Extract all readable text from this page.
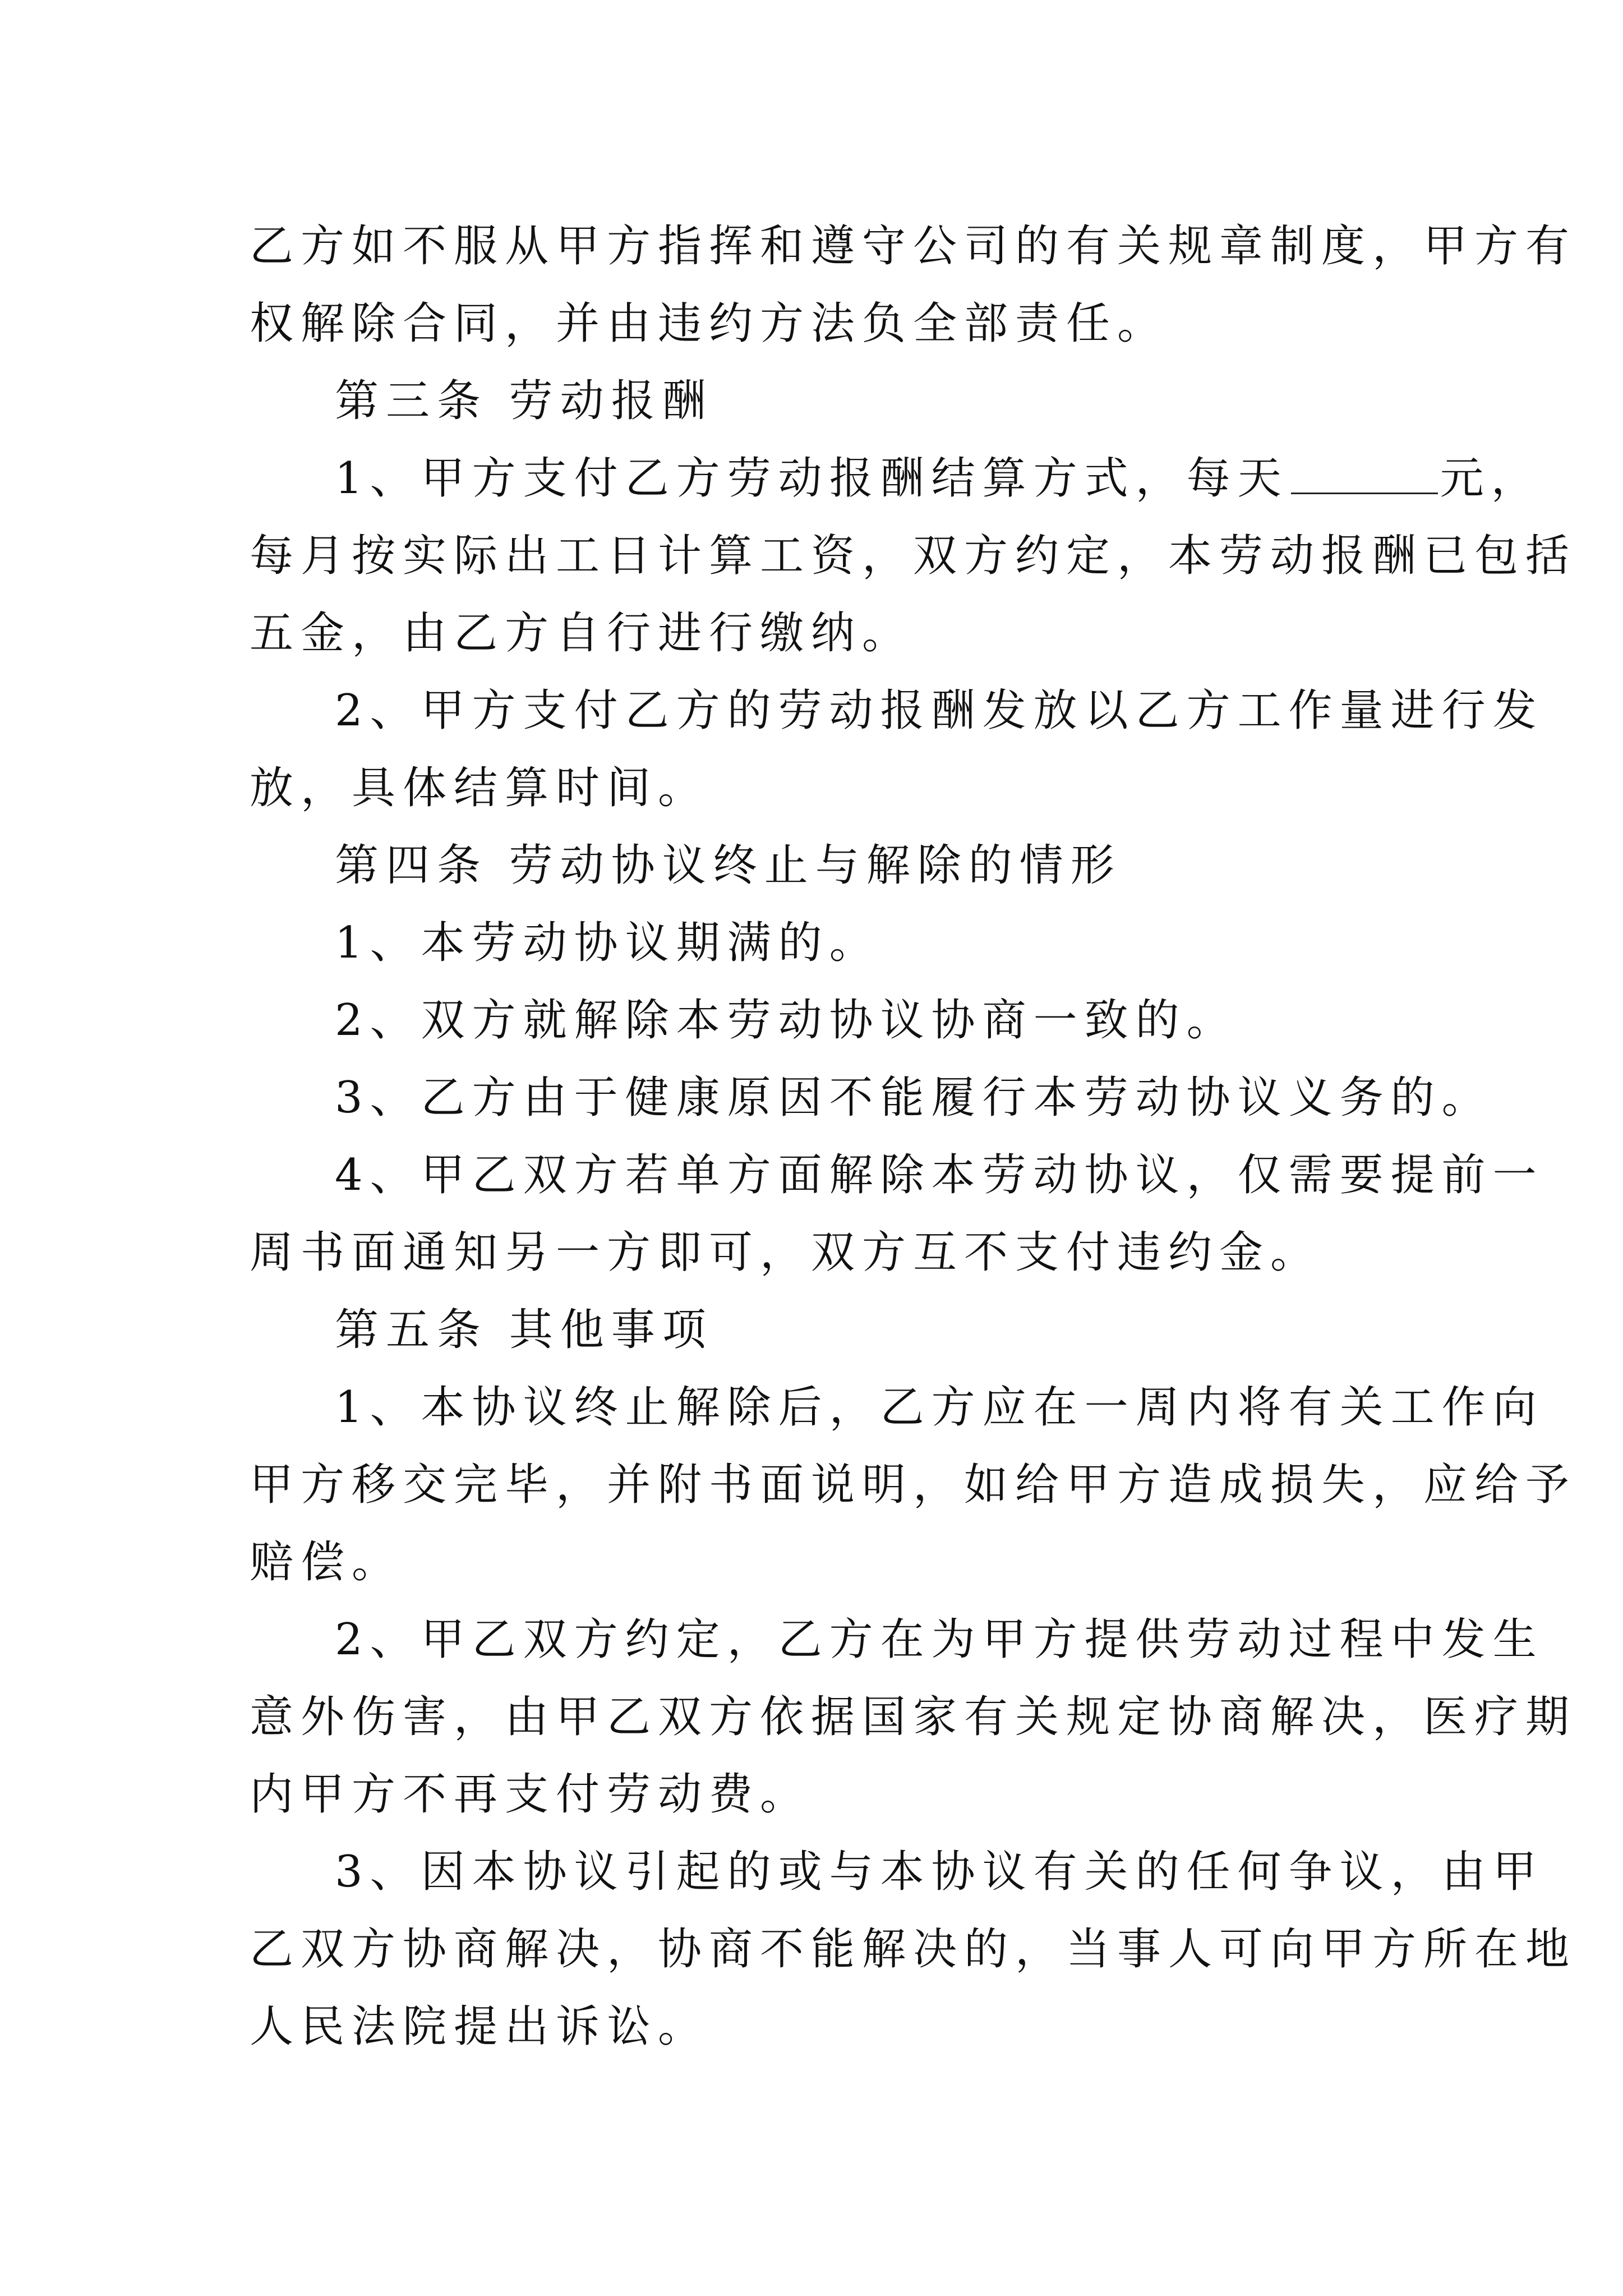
乙方如不服从甲方指挥和遵守公司的有关规章制度，甲方有
权解除合同，并由违约方法负全部责任。
第三条 劳动报酬
1、甲方支付乙方劳动报酬结算方式，每天	元，
每月按实际出工日计算工资，双方约定，本劳动报酬已包括
五金，由乙方自行进行缴纳。
2、甲方支付乙方的劳动报酬发放以乙方工作量进行发
放，具体结算时间。
第四条 劳动协议终止与解除的情形
1、本劳动协议期满的。
2、双方就解除本劳动协议协商一致的。
3、乙方由于健康原因不能履行本劳动协议义务的。
4、甲乙双方若单方面解除本劳动协议，仅需要提前一
周书面通知另一方即可，双方互不支付违约金。
第五条 其他事项
1、本协议终止解除后，乙方应在一周内将有关工作向
甲方移交完毕，并附书面说明，如给甲方造成损失，应给予
赔偿。
2、甲乙双方约定，乙方在为甲方提供劳动过程中发生
意外伤害，由甲乙双方依据国家有关规定协商解决，医疗期
内甲方不再支付劳动费。
3、因本协议引起的或与本协议有关的任何争议，由甲
乙双方协商解决，协商不能解决的，当事人可向甲方所在地
人民法院提出诉讼。
